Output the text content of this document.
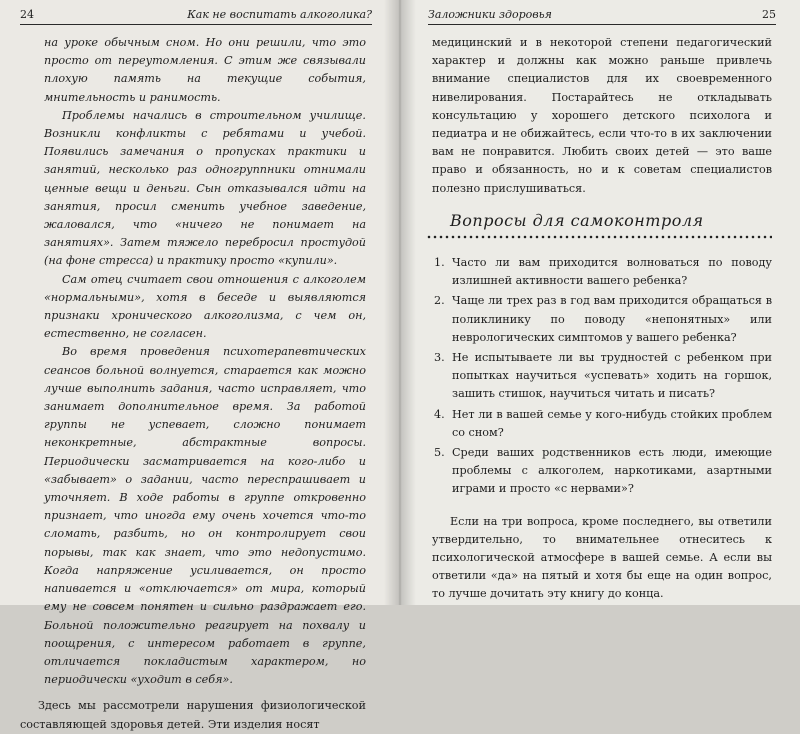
24	Как не воспитать алкоголика?

на уроке обычным сном. Но они решили, что это просто от переутомления. С этим же связывали плохую память на текущие события, мнительность и ранимость.

Проблемы начались в строительном училище. Возникли конфликты с ребятами и учебой. Появились замечания о пропусках практики и занятий, несколько раз одногруппники отнимали ценные вещи и деньги. Сын отказывался идти на занятия, просил сменить учебное заведение, жаловался, что «ничего не понимает на занятиях». Затем тяжело перебросил простудой (на фоне стресса) и практику просто «купили».

Сам отец считает свои отношения с алкоголем «нормальными», хотя в беседе и выявляются признаки хронического алкоголизма, с чем он, естественно, не согласен.

Во время проведения психотерапевтических сеансов больной волнуется, старается как можно лучше выполнить задания, часто исправляет, что занимает дополнительное время. За работой группы не успевает, сложно понимает неконкретные, абстрактные вопросы. Периодически засматривается на кого-либо и «забывает» о задании, часто переспрашивает и уточняет. В ходе работы в группе откровенно признает, что иногда ему очень хочется что-то сломать, разбить, но он контролирует свои порывы, так как знает, что это недопустимо. Когда напряжение усиливается, он просто напивается и «отключается» от мира, который ему не совсем понятен и сильно раздражает его. Больной положительно реагирует на похвалу и поощрения, с интересом работает в группе, отличается покладистым характером, но периодически «уходит в себя».

Здесь мы рассмотрели нарушения физиологической составляющей здоровья детей. Эти изделия носят

Заложники здоровья	25

медицинский и в некоторой степени педагогический характер и должны как можно раньше привлечь внимание специалистов для их своевременного нивелирования. Постарайтесь не откладывать консультацию у хорошего детского психолога и педиатра и не обижайтесь, если что-то в их заключении вам не понравится. Любить своих детей — это ваше право и обязанность, но и к советам специалистов полезно прислушиваться.

Вопросы для самоконтроля
1. Часто ли вам приходится волноваться по поводу излишней активности вашего ребенка?
2. Чаще ли трех раз в год вам приходится обращаться в поликлинику по поводу «непонятных» или неврологических симптомов у вашего ребенка?
3. Не испытываете ли вы трудностей с ребенком при попытках научиться «успевать» ходить на горшок, зашить стишок, научиться читать и писать?
4. Нет ли в вашей семье у кого-нибудь стойких проблем со сном?
5. Среди ваших родственников есть люди, имеющие проблемы с алкоголем, наркотиками, азартными играми и просто «с нервами»?

Если на три вопроса, кроме последнего, вы ответили утвердительно, то внимательнее отнеситесь к психологической атмосфере в вашей семье. А если вы ответили «да» на пятый и хотя бы еще на один вопрос, то лучше дочитать эту книгу до конца.
